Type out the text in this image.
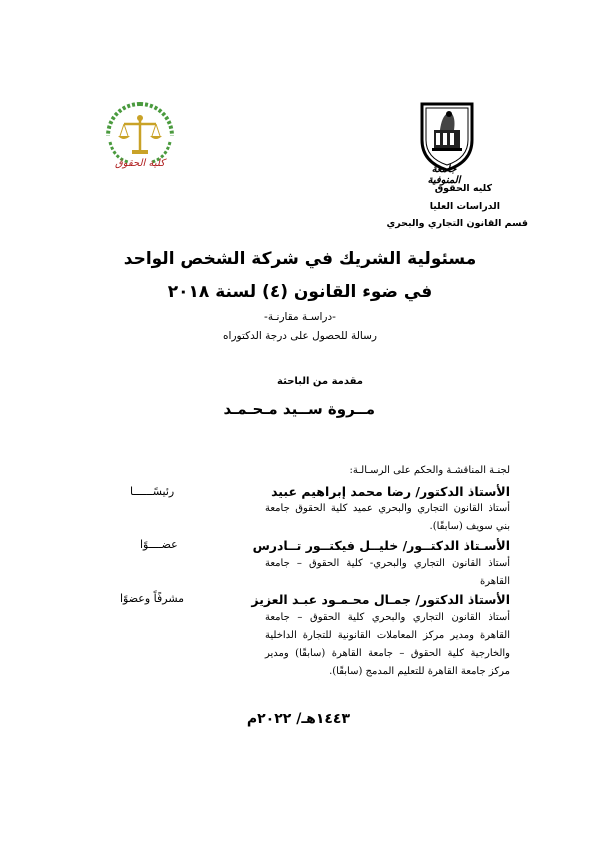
جامعة المنوفية
كليه الحقوق
الدراسات العليا
قسم القانون التجاري والبحري
كلية الحقوق
مسئولية الشريك في شركة الشخص الواحد
في ضوء القانون (٤) لسنة ٢٠١٨
-دراسـة مقارنـة-
رسالة للحصول على درجة الدكتوراه
مقدمة من الباحثة
مــروة ســيد مـحـمـد
لجنـة المناقشـة والحكم على الرسـالـة:
الأستاذ الدكتور/ رضا محمد إبراهيم عبيد
رئيسًــــــا
أستاذ القانون التجاري والبحري عميد كلية الحقوق جامعة بني سويف (سابقًا).
الأسـتاذ الدكتــور/ خليــل فيكتــور تــادرس
عضــــوًا
أستاذ القانون التجاري والبحري- كلية الحقوق – جامعة القاهرة
الأستاذ الدكتور/ جمـال محـمـود عبـد العزيز
مشرفًاً وعضوًا
أستاذ القانون التجاري والبحري كلية الحقوق – جامعة القاهرة ومدير مركز المعاملات القانونية للتجارة الداخلية والخارجية كلية الحقوق – جامعة القاهرة (سابقًا) ومدير مركز جامعة القاهرة للتعليم المدمج (سابقًا).
١٤٤٣هـ/ ٢٠٢٢م
